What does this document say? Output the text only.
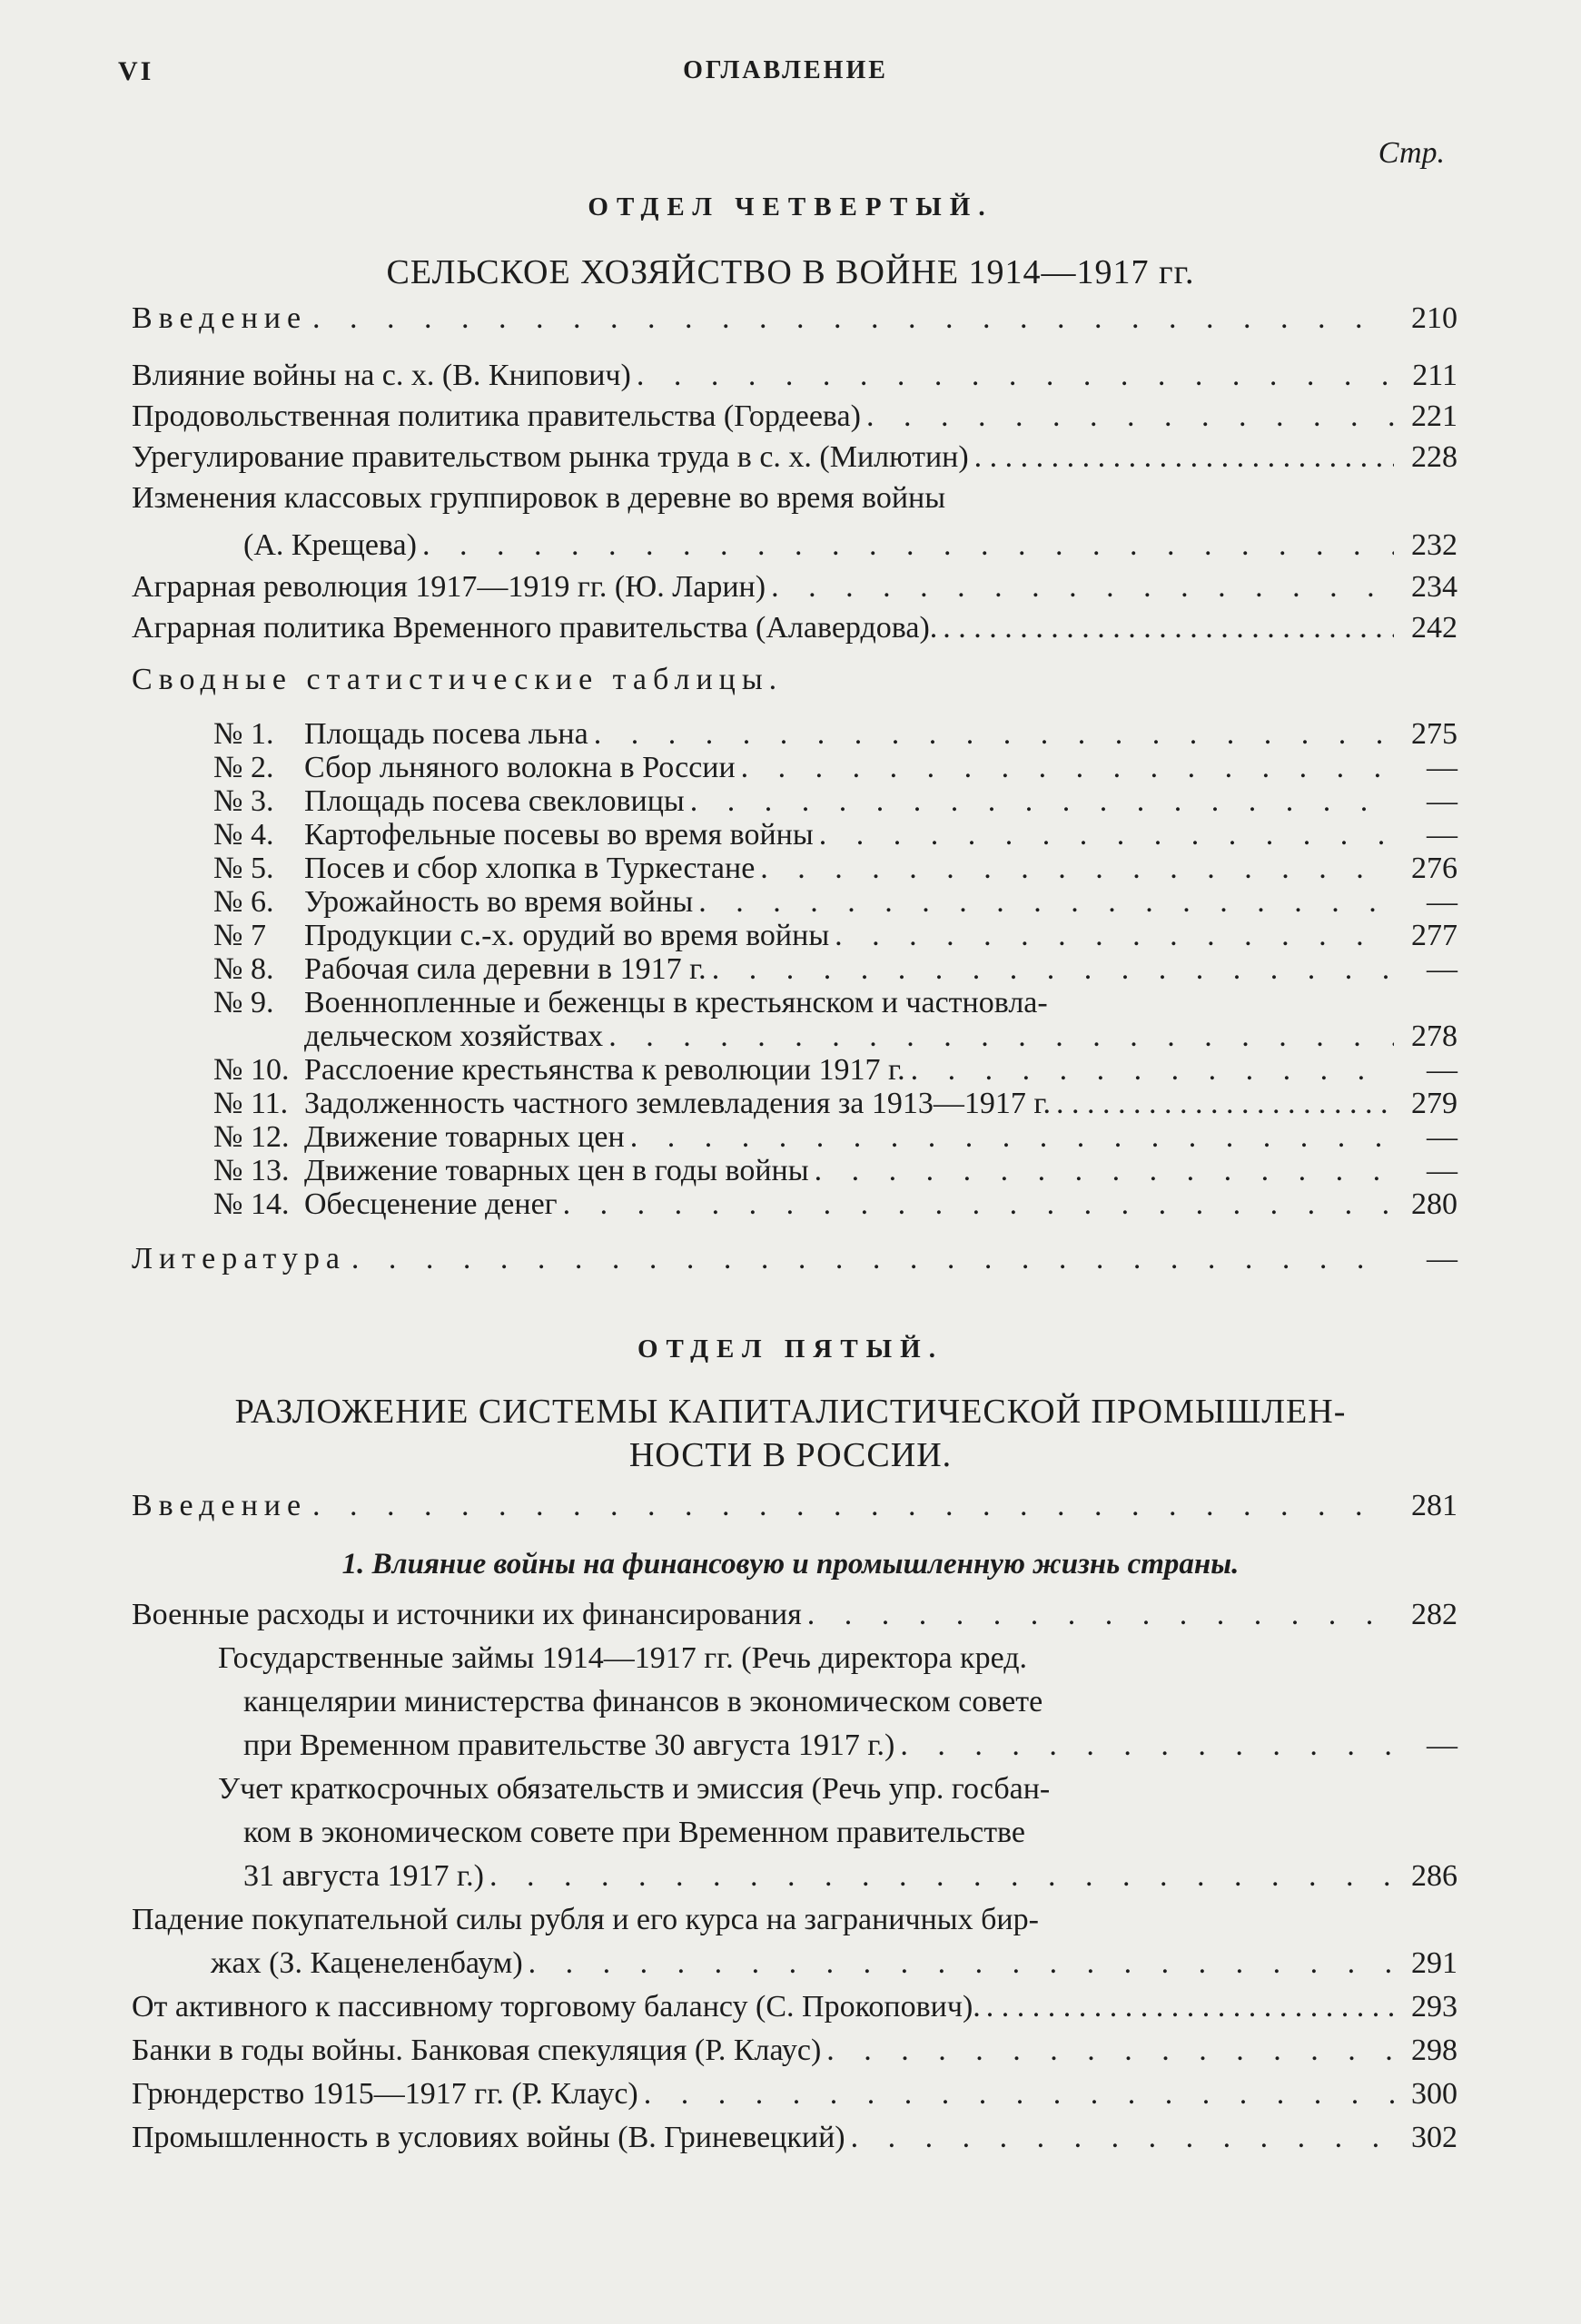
VI	ОГЛАВЛЕНИЕ
Стр.
ОТДЕЛ ЧЕТВЕРТЫЙ.
СЕЛЬСКОЕ ХОЗЯЙСТВО В ВОЙНЕ 1914—1917 гг.
Введение . . .	210
Влияние войны на с. х. (В. Книпович) . . .	211
Продовольственная политика правительства (Гордеева) . . .	221
Урегулирование правительством рынка труда в с. х. (Милютин) . . .	228
Изменения классовых группировок в деревне во время войны
(А. Крещева) . . .	232
Аграрная революция 1917—1919 гг. (Ю. Ларин) . . .	234
Аграрная политика Временного правительства (Алавердова). . . .	242
Сводные статистические таблицы.
№ 1. Площадь посева льна . . .	275
№ 2. Сбор льняного волокна в России . . .	—
№ 3. Площадь посева свекловицы . . .	—
№ 4. Картофельные посевы во время войны . . .	—
№ 5. Посев и сбор хлопка в Туркестане . . .	276
№ 6. Урожайность во время войны . . .	—
№ 7	Продукции с.-х. орудий во время войны . . .	277
№ 8. Рабочая сила деревни в 1917 г. . . .	—
№ 9. Военнопленные и беженцы в крестьянском и частновла-
дельческом хозяйствах . . .	278
№ 10. Расслоение крестьянства к революции 1917 г. . . .	—
№ 11. Задолженность частного землевладения за 1913—1917 г. . . .	279
№ 12. Движение товарных цен . . .	—
№ 13. Движение товарных цен в годы войны . . .	—
№ 14. Обесценение денег . . .	280
Литература . . .	—
ОТДЕЛ ПЯТЫЙ.
РАЗЛОЖЕНИЕ СИСТЕМЫ КАПИТАЛИСТИЧЕСКОЙ ПРОМЫШЛЕН-
НОСТИ В РОССИИ.
Введение . . .	281
1. Влияние войны на финансовую и промышленную жизнь страны.
Военные расходы и источники их финансирования . . .	282
Государственные займы 1914—1917 гг. (Речь директора кред.
канцелярии министерства финансов в экономическом совете
при Временном правительстве 30 августа 1917 г.) . . .	—
Учет краткосрочных обязательств и эмиссия (Речь упр. госбан-
ком в экономическом совете при Временном правительстве
31 августа 1917 г.) . . .	286
Падение покупательной силы рубля и его курса на заграничных бир-
жах (З. Каценеленбаум) . . .	291
От активного к пассивному торговому балансу (С. Прокопович). . . .	293
Банки в годы войны. Банковая спекуляция (Р. Клаус) . . .	298
Грюндерство 1915—1917 гг. (Р. Клаус) . . .	300
Промышленность в условиях войны (В. Гриневецкий) . . .	302
